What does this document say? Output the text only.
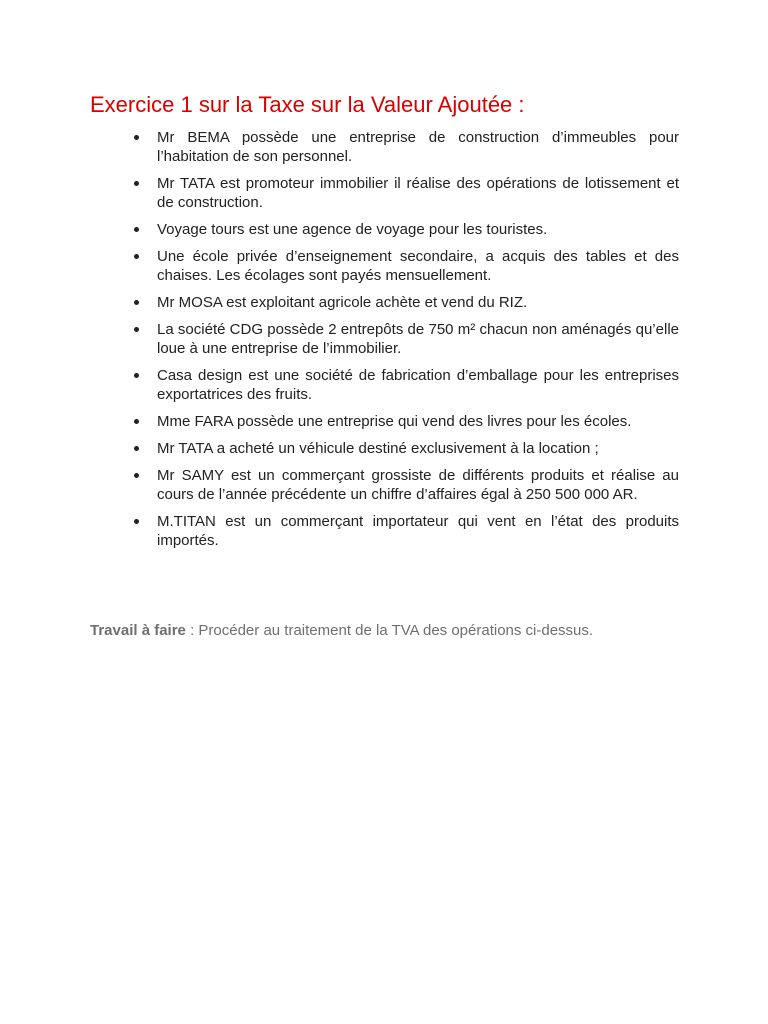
Exercice 1 sur la Taxe sur la Valeur Ajoutée :
Mr BEMA possède une entreprise de construction d’immeubles pour l’habitation de son personnel.
Mr TATA est promoteur immobilier il réalise des opérations de lotissement et de construction.
Voyage tours est une agence de voyage pour les touristes.
Une école privée d’enseignement secondaire, a acquis des tables et des chaises. Les écolages sont payés mensuellement.
Mr MOSA est exploitant agricole achète et vend du RIZ.
La société CDG possède 2 entrepôts de 750 m² chacun non aménagés qu’elle loue à une entreprise de l’immobilier.
Casa design est une société de fabrication d’emballage pour les entreprises exportatrices des fruits.
Mme FARA possède une entreprise qui vend des livres pour les écoles.
Mr TATA a acheté un véhicule destiné exclusivement à la location ;
Mr SAMY est un commerçant grossiste de différents produits et réalise au cours de l’année précédente un chiffre d’affaires égal à 250 500 000 AR.
M.TITAN est un commerçant importateur qui vent en l’état des produits importés.

Travail à faire : Procéder au traitement de la TVA des opérations ci-dessus.
